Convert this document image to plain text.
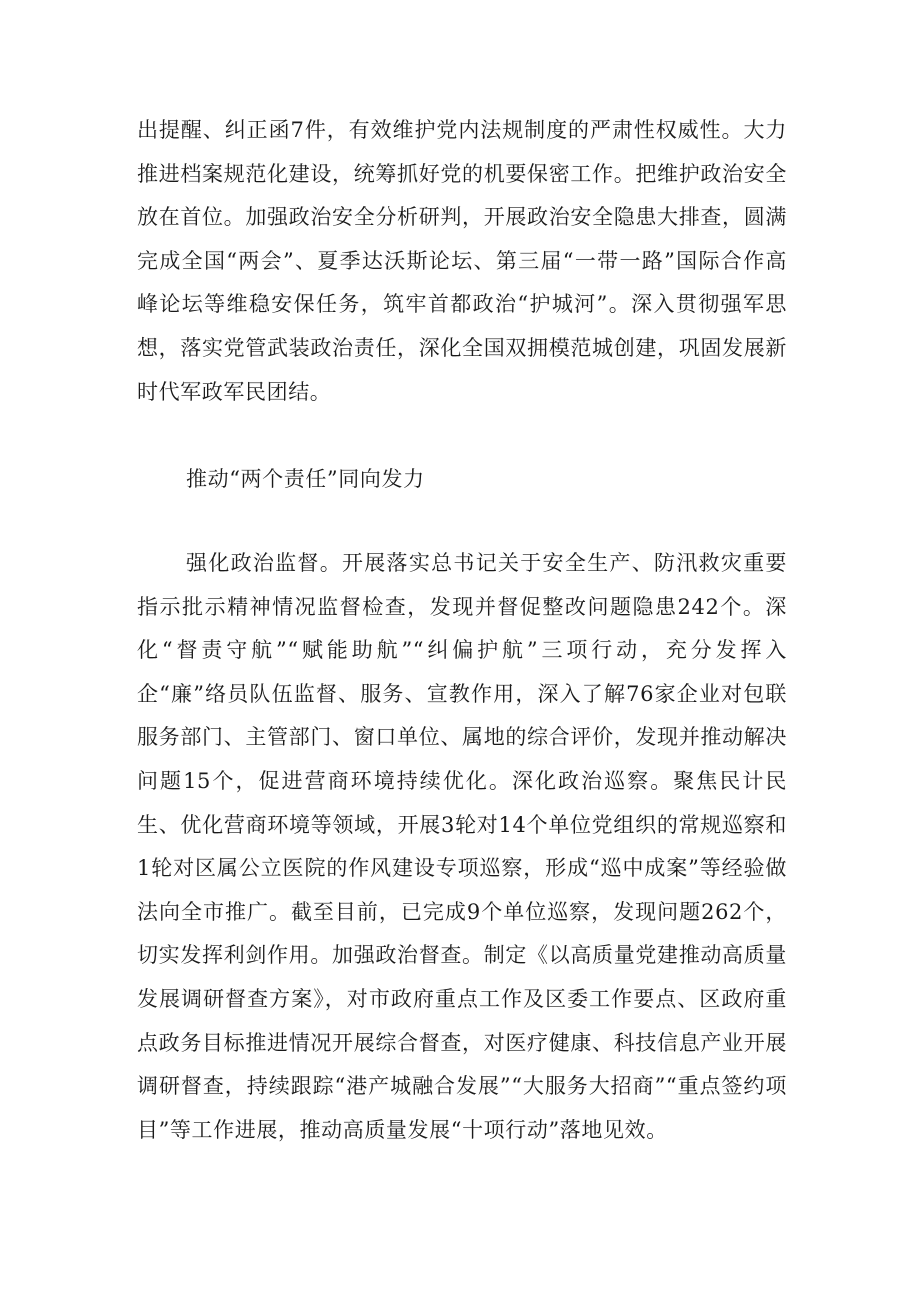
出提醒、纠正函7件，有效维护党内法规制度的严肃性权威性。大力推进档案规范化建设，统筹抓好党的机要保密工作。把维护政治安全放在首位。加强政治安全分析研判，开展政治安全隐患大排查，圆满完成全国“两会”、夏季达沃斯论坛、第三届“一带一路”国际合作高峰论坛等维稳安保任务，筑牢首都政治“护城河”。深入贯彻强军思想，落实党管武装政治责任，深化全国双拥模范城创建，巩固发展新时代军政军民团结。

推动“两个责任”同向发力

强化政治监督。开展落实总书记关于安全生产、防汛救灾重要指示批示精神情况监督检查，发现并督促整改问题隐患242个。深化“督责守航”“赋能助航”“纠偏护航”三项行动，充分发挥入企“廉”络员队伍监督、服务、宣教作用，深入了解76家企业对包联服务部门、主管部门、窗口单位、属地的综合评价，发现并推动解决问题15个，促进营商环境持续优化。深化政治巡察。聚焦民计民生、优化营商环境等领域，开展3轮对14个单位党组织的常规巡察和1轮对区属公立医院的作风建设专项巡察，形成“巡中成案”等经验做法向全市推广。截至目前，已完成9个单位巡察，发现问题262个，切实发挥利剑作用。加强政治督查。制定《以高质量党建推动高质量发展调研督查方案》，对市政府重点工作及区委工作要点、区政府重点政务目标推进情况开展综合督查，对医疗健康、科技信息产业开展调研督查，持续跟踪“港产城融合发展”“大服务大招商”“重点签约项目”等工作进展，推动高质量发展“十项行动”落地见效。
